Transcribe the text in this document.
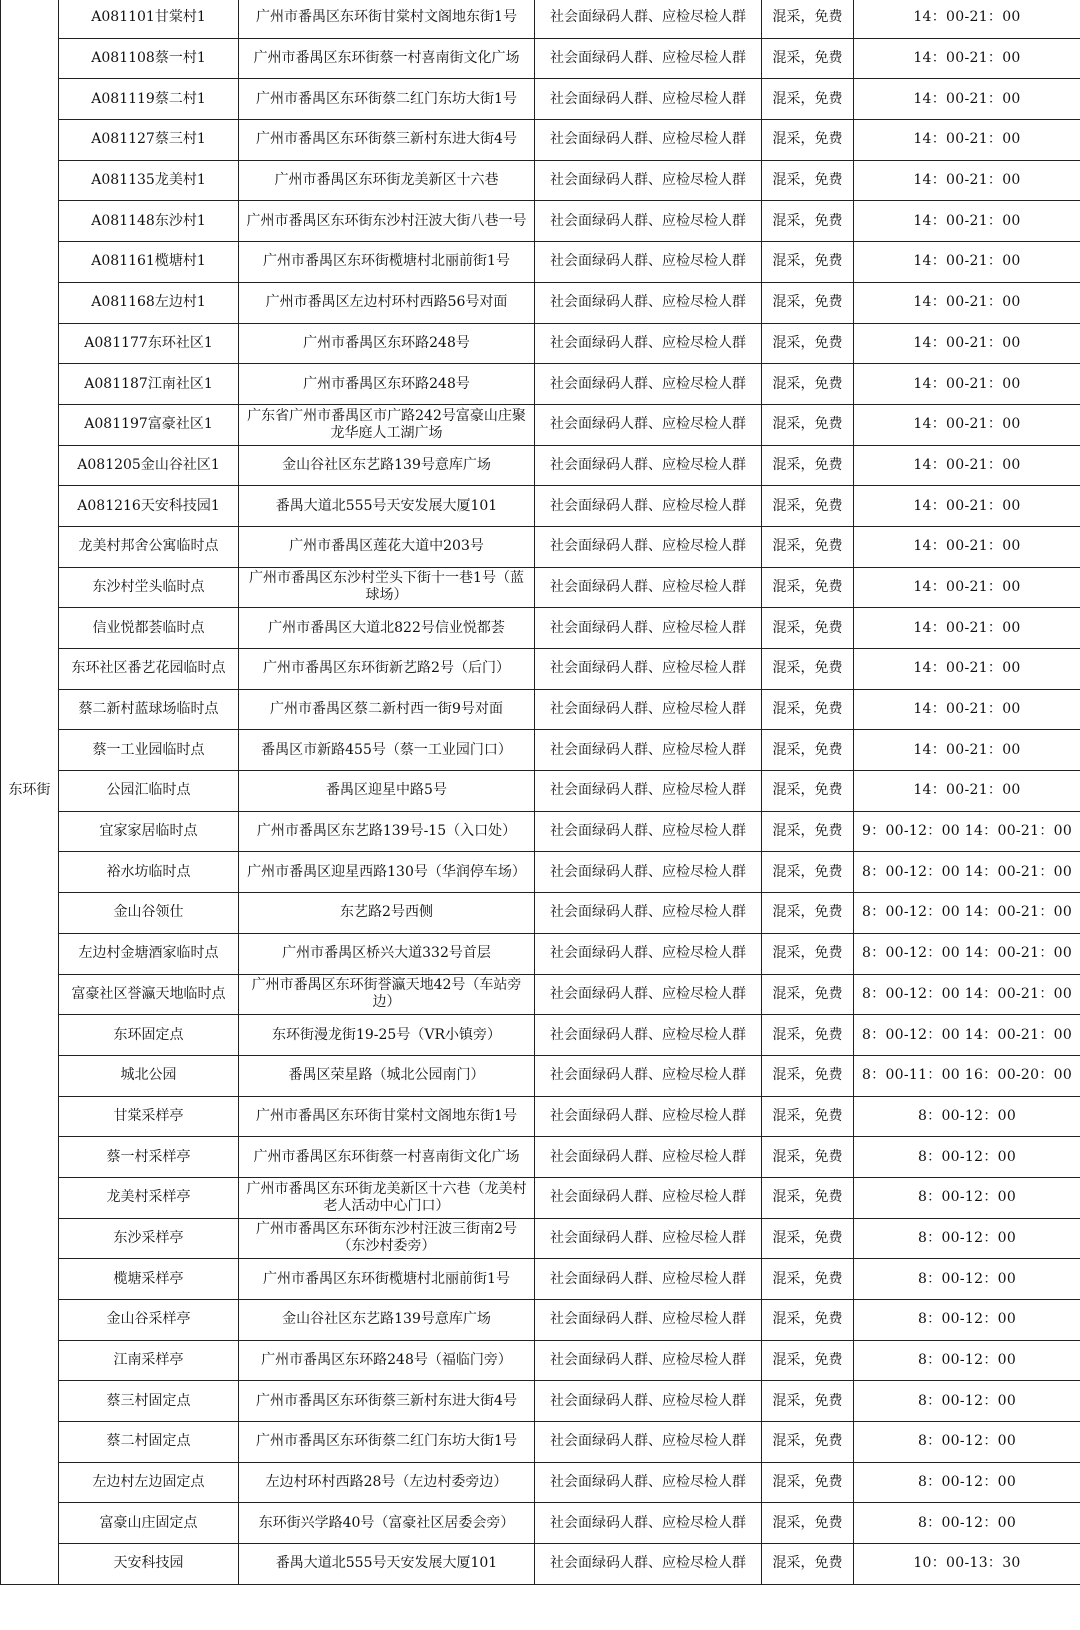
东环街	A081101甘棠村1	广州市番禺区东环街甘棠村文阁地东街1号	社会面绿码人群、应检尽检人群	混采，免费	14：00-21：00
	A081108蔡一村1	广州市番禺区东环街蔡一村喜南街文化广场	社会面绿码人群、应检尽检人群	混采，免费	14：00-21：00
	A081119蔡二村1	广州市番禺区东环街蔡二红门东坊大街1号	社会面绿码人群、应检尽检人群	混采，免费	14：00-21：00
	A081127蔡三村1	广州市番禺区东环街蔡三新村东进大街4号	社会面绿码人群、应检尽检人群	混采，免费	14：00-21：00
	A081135龙美村1	广州市番禺区东环街龙美新区十六巷	社会面绿码人群、应检尽检人群	混采，免费	14：00-21：00
	A081148东沙村1	广州市番禺区东环街东沙村汪波大街八巷一号	社会面绿码人群、应检尽检人群	混采，免费	14：00-21：00
	A081161榄塘村1	广州市番禺区东环街榄塘村北丽前街1号	社会面绿码人群、应检尽检人群	混采，免费	14：00-21：00
	A081168左边村1	广州市番禺区左边村环村西路56号对面	社会面绿码人群、应检尽检人群	混采，免费	14：00-21：00
	A081177东环社区1	广州市番禺区东环路248号	社会面绿码人群、应检尽检人群	混采，免费	14：00-21：00
	A081187江南社区1	广州市番禺区东环路248号	社会面绿码人群、应检尽检人群	混采，免费	14：00-21：00
	A081197富豪社区1	广东省广州市番禺区市广路242号富豪山庄聚龙华庭人工湖广场	社会面绿码人群、应检尽检人群	混采，免费	14：00-21：00
	A081205金山谷社区1	金山谷社区东艺路139号意库广场	社会面绿码人群、应检尽检人群	混采，免费	14：00-21：00
	A081216天安科技园1	番禺大道北555号天安发展大厦101	社会面绿码人群、应检尽检人群	混采，免费	14：00-21：00
	龙美村邦舍公寓临时点	广州市番禺区莲花大道中203号	社会面绿码人群、应检尽检人群	混采，免费	14：00-21：00
	东沙村坣头临时点	广州市番禺区东沙村坣头下街十一巷1号（蓝球场）	社会面绿码人群、应检尽检人群	混采，免费	14：00-21：00
	信业悦都荟临时点	广州市番禺区大道北822号信业悦都荟	社会面绿码人群、应检尽检人群	混采，免费	14：00-21：00
	东环社区番艺花园临时点	广州市番禺区东环街新艺路2号（后门）	社会面绿码人群、应检尽检人群	混采，免费	14：00-21：00
	蔡二新村蓝球场临时点	广州市番禺区蔡二新村西一街9号对面	社会面绿码人群、应检尽检人群	混采，免费	14：00-21：00
	蔡一工业园临时点	番禺区市新路455号（蔡一工业园门口）	社会面绿码人群、应检尽检人群	混采，免费	14：00-21：00
	公园汇临时点	番禺区迎星中路5号	社会面绿码人群、应检尽检人群	混采，免费	14：00-21：00
	宜家家居临时点	广州市番禺区东艺路139号-15（入口处）	社会面绿码人群、应检尽检人群	混采，免费	9：00-12：00 14：00-21：00
	裕水坊临时点	广州市番禺区迎星西路130号（华润停车场）	社会面绿码人群、应检尽检人群	混采，免费	8：00-12：00 14：00-21：00
	金山谷领仕	东艺路2号西侧	社会面绿码人群、应检尽检人群	混采，免费	8：00-12：00 14：00-21：00
	左边村金塘酒家临时点	广州市番禺区桥兴大道332号首层	社会面绿码人群、应检尽检人群	混采，免费	8：00-12：00 14：00-21：00
	富豪社区誉瀛天地临时点	广州市番禺区东环街誉瀛天地42号（车站旁边）	社会面绿码人群、应检尽检人群	混采，免费	8：00-12：00 14：00-21：00
	东环固定点	东环街漫龙街19-25号（VR小镇旁）	社会面绿码人群、应检尽检人群	混采，免费	8：00-12：00 14：00-21：00
	城北公园	番禺区荣星路（城北公园南门）	社会面绿码人群、应检尽检人群	混采，免费	8：00-11：00 16：00-20：00
	甘棠采样亭	广州市番禺区东环街甘棠村文阁地东街1号	社会面绿码人群、应检尽检人群	混采，免费	8：00-12：00
	蔡一村采样亭	广州市番禺区东环街蔡一村喜南街文化广场	社会面绿码人群、应检尽检人群	混采，免费	8：00-12：00
	龙美村采样亭	广州市番禺区东环街龙美新区十六巷（龙美村老人活动中心门口）	社会面绿码人群、应检尽检人群	混采，免费	8：00-12：00
	东沙采样亭	广州市番禺区东环街东沙村汪波三街南2号（东沙村委旁）	社会面绿码人群、应检尽检人群	混采，免费	8：00-12：00
	榄塘采样亭	广州市番禺区东环街榄塘村北丽前街1号	社会面绿码人群、应检尽检人群	混采，免费	8：00-12：00
	金山谷采样亭	金山谷社区东艺路139号意库广场	社会面绿码人群、应检尽检人群	混采，免费	8：00-12：00
	江南采样亭	广州市番禺区东环路248号（福临门旁）	社会面绿码人群、应检尽检人群	混采，免费	8：00-12：00
	蔡三村固定点	广州市番禺区东环街蔡三新村东进大街4号	社会面绿码人群、应检尽检人群	混采，免费	8：00-12：00
	蔡二村固定点	广州市番禺区东环街蔡二红门东坊大街1号	社会面绿码人群、应检尽检人群	混采，免费	8：00-12：00
	左边村左边固定点	左边村环村西路28号（左边村委旁边）	社会面绿码人群、应检尽检人群	混采，免费	8：00-12：00
	富豪山庄固定点	东环街兴学路40号（富豪社区居委会旁）	社会面绿码人群、应检尽检人群	混采，免费	8：00-12：00
	天安科技园	番禺大道北555号天安发展大厦101	社会面绿码人群、应检尽检人群	混采，免费	10：00-13：30
